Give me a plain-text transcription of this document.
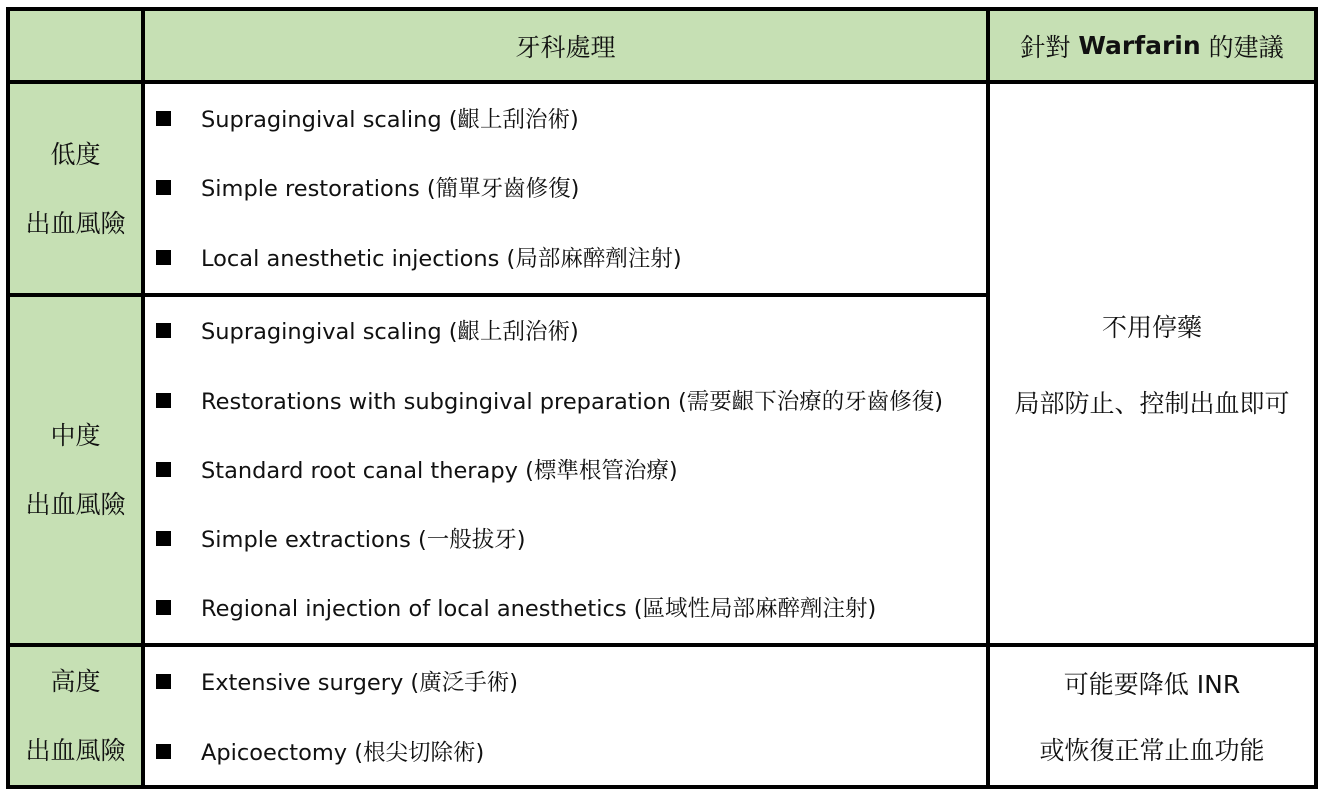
牙科處理	針對 Warfarin 的建議
低度
出血風險
Supragingival scaling (齦上刮治術)
Simple restorations (簡單牙齒修復)
Local anesthetic injections (局部麻醉劑注射)
不用停藥
局部防止、控制出血即可
中度
出血風險
Supragingival scaling (齦上刮治術)
Restorations with subgingival preparation (需要齦下治療的牙齒修復)
Standard root canal therapy (標準根管治療)
Simple extractions (一般拔牙)
Regional injection of local anesthetics (區域性局部麻醉劑注射)
高度
出血風險
Extensive surgery (廣泛手術)
Apicoectomy (根尖切除術)
可能要降低 INR
或恢復正常止血功能
